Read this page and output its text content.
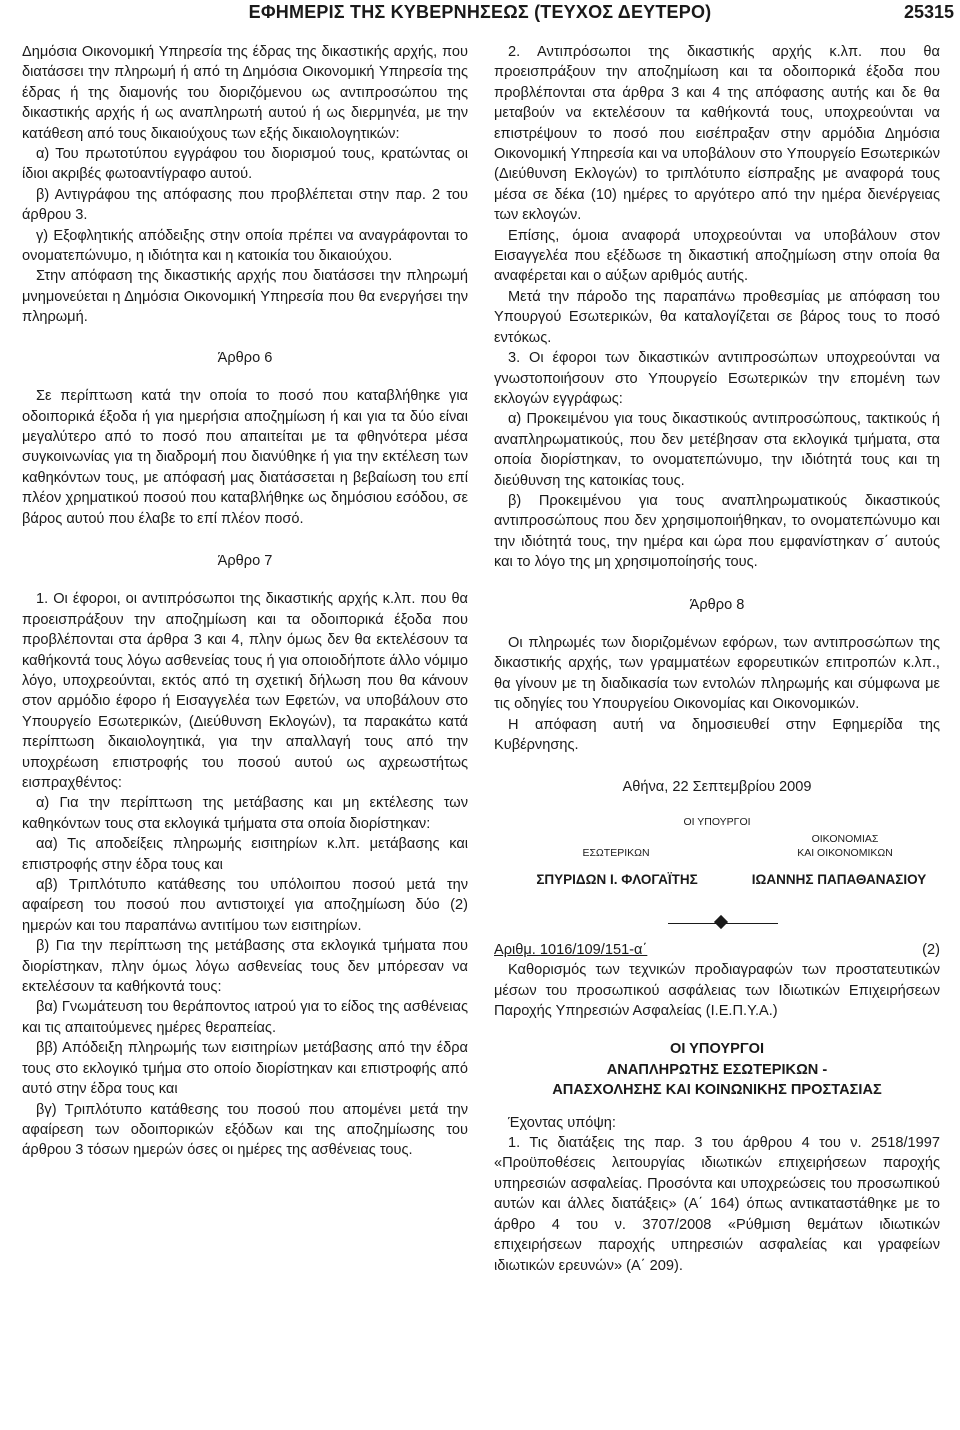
ΕΦΗΜΕΡΙΣ ΤΗΣ ΚΥΒΕΡΝΗΣΕΩΣ (ΤΕΥΧΟΣ ΔΕΥΤΕΡΟ)	25315

Δημόσια Οικονομική Υπηρεσία της έδρας της δικαστικής αρχής, που διατάσσει την πληρωμή ή από τη Δημόσια Οικονομική Υπηρεσία της έδρας ή της διαμονής του διοριζόμενου ως αντιπροσώπου της δικαστικής αρχής ή ως αναπληρωτή αυτού ή ως διερμηνέα, με την κατάθεση από τους δικαιούχους των εξής δικαιολογητικών:

α) Του πρωτοτύπου εγγράφου του διορισμού τους, κρατώντας οι ίδιοι ακριβές φωτοαντίγραφο αυτού.

β) Αντιγράφου της απόφασης που προβλέπεται στην παρ. 2 του άρθρου 3.

γ) Εξοφλητικής απόδειξης στην οποία πρέπει να αναγράφονται το ονοματεπώνυμο, η ιδιότητα και η κατοικία του δικαιούχου.

Στην απόφαση της δικαστικής αρχής που διατάσσει την πληρωμή μνημονεύεται η Δημόσια Οικονομική Υπηρεσία που θα ενεργήσει την πληρωμή.

Άρθρο 6

Σε περίπτωση κατά την οποία το ποσό που καταβλήθηκε για οδοιπορικά έξοδα ή για ημερήσια αποζημίωση ή και για τα δύο είναι μεγαλύτερο από το ποσό που απαιτείται με τα φθηνότερα μέσα συγκοινωνίας για τη διαδρομή που διανύθηκε ή για την εκτέλεση των καθηκόντων τους, με απόφασή μας διατάσσεται η βεβαίωση του επί πλέον χρηματικού ποσού που καταβλήθηκε ως δημόσιου εσόδου, σε βάρος αυτού που έλαβε το επί πλέον ποσό.

Άρθρο 7

1. Οι έφοροι, οι αντιπρόσωποι της δικαστικής αρχής κ.λπ. που θα προεισπράξουν την αποζημίωση και τα οδοιπορικά έξοδα που προβλέπονται στα άρθρα 3 και 4, πλην όμως δεν θα εκτελέσουν τα καθήκοντά τους λόγω ασθενείας τους ή για οποιοδήποτε άλλο νόμιμο λόγο, υποχρεούνται, εκτός από τη σχετική δήλωση που θα κάνουν στον αρμόδιο έφορο ή Εισαγγελέα των Εφετών, να υποβάλουν στο Υπουργείο Εσωτερικών, (Διεύθυνση Εκλογών), τα παρακάτω κατά περίπτωση δικαιολογητικά, για την απαλλαγή τους από την υποχρέωση επιστροφής του ποσού αυτού ως αχρεωστήτως εισπραχθέντος:

α) Για την περίπτωση της μετάβασης και μη εκτέλεσης των καθηκόντων τους στα εκλογικά τμήματα στα οποία διορίστηκαν:

αα) Τις αποδείξεις πληρωμής εισιτηρίων κ.λπ. μετάβασης και επιστροφής στην έδρα τους και

αβ) Τριπλότυπο κατάθεσης του υπόλοιπου ποσού μετά την αφαίρεση του ποσού που αντιστοιχεί για αποζημίωση δύο (2) ημερών και του παραπάνω αντιτίμου των εισιτηρίων.

β) Για την περίπτωση της μετάβασης στα εκλογικά τμήματα που διορίστηκαν, πλην όμως λόγω ασθενείας τους δεν μπόρεσαν να εκτελέσουν τα καθήκοντά τους:

βα) Γνωμάτευση του θεράποντος ιατρού για το είδος της ασθένειας και τις απαιτούμενες ημέρες θεραπείας.

ββ) Απόδειξη πληρωμής των εισιτηρίων μετάβασης από την έδρα τους στο εκλογικό τμήμα στο οποίο διορίστηκαν και επιστροφής από αυτό στην έδρα τους και

βγ) Τριπλότυπο κατάθεσης του ποσού που απομένει μετά την αφαίρεση των οδοιπορικών εξόδων και της αποζημίωσης του άρθρου 3 τόσων ημερών όσες οι ημέρες της ασθένειας τους.

2. Αντιπρόσωποι της δικαστικής αρχής κ.λπ. που θα προεισπράξουν την αποζημίωση και τα οδοιπορικά έξοδα που προβλέπονται στα άρθρα 3 και 4 της απόφασης αυτής και δε θα μεταβούν να εκτελέσουν τα καθήκοντά τους, υποχρεούνται να επιστρέψουν το ποσό που εισέπραξαν στην αρμόδια Δημόσια Οικονομική Υπηρεσία και να υποβάλουν στο Υπουργείο Εσωτερικών (Διεύθυνση Εκλογών) το τριπλότυπο είσπραξης με αναφορά τους μέσα σε δέκα (10) ημέρες το αργότερο από την ημέρα διενέργειας των εκλογών.

Επίσης, όμοια αναφορά υποχρεούνται να υποβάλουν στον Εισαγγελέα που εξέδωσε τη δικαστική αποζημίωση στην οποία θα αναφέρεται και ο αύξων αριθμός αυτής.

Μετά την πάροδο της παραπάνω προθεσμίας με απόφαση του Υπουργού Εσωτερικών, θα καταλογίζεται σε βάρος τους το ποσό εντόκως.

3. Οι έφοροι των δικαστικών αντιπροσώπων υποχρεούνται να γνωστοποιήσουν στο Υπουργείο Εσωτερικών την επομένη των εκλογών εγγράφως:

α) Προκειμένου για τους δικαστικούς αντιπροσώπους, τακτικούς ή αναπληρωματικούς, που δεν μετέβησαν στα εκλογικά τμήματα, στα οποία διορίστηκαν, το ονοματεπώνυμο, την ιδιότητά τους και τη διεύθυνση της κατοικίας τους.

β) Προκειμένου για τους αναπληρωματικούς δικαστικούς αντιπροσώπους που δεν χρησιμοποιήθηκαν, το ονοματεπώνυμο και την ιδιότητά τους, την ημέρα και ώρα που εμφανίστηκαν σ΄ αυτούς και το λόγο της μη χρησιμοποίησής τους.

Άρθρο 8

Οι πληρωμές των διοριζομένων εφόρων, των αντιπροσώπων της δικαστικής αρχής, των γραμματέων εφορευτικών επιτροπών κ.λπ., θα γίνουν με τη διαδικασία των εντολών πληρωμής και σύμφωνα με τις οδηγίες του Υπουργείου Οικονομίας και Οικονομικών.

Η απόφαση αυτή να δημοσιευθεί στην Εφημερίδα της Κυβέρνησης.

Αθήνα, 22 Σεπτεμβρίου 2009

ΟΙ ΥΠΟΥΡΓΟΙ
ΕΣΩΤΕΡΙΚΩΝ
ΟΙΚΟΝΟΜΙΑΣ
ΚΑΙ ΟΙΚΟΝΟΜΙΚΩΝ
ΣΠΥΡΙΔΩΝ Ι. ΦΛΟΓΑΪΤΗΣ	ΙΩΑΝΝΗΣ ΠΑΠΑΘΑΝΑΣΙΟΥ
Αριθμ. 1016/109/151-α΄	(2)

Καθορισμός των τεχνικών προδιαγραφών των προστατευτικών μέσων του προσωπικού ασφάλειας των Ιδιωτικών Επιχειρήσεων Παροχής Υπηρεσιών Ασφαλείας (Ι.Ε.Π.Υ.Α.)

ΟΙ ΥΠΟΥΡΓΟΙ

ΑΝΑΠΛΗΡΩΤΗΣ ΕΣΩΤΕΡΙΚΩΝ -

ΑΠΑΣΧΟΛΗΣΗΣ ΚΑΙ ΚΟΙΝΩΝΙΚΗΣ ΠΡΟΣΤΑΣΙΑΣ

Έχοντας υπόψη:

1. Τις διατάξεις της παρ. 3 του άρθρου 4 του ν. 2518/1997 «Προϋποθέσεις λειτουργίας ιδιωτικών επιχειρήσεων παροχής υπηρεσιών ασφαλείας. Προσόντα και υποχρεώσεις του προσωπικού αυτών και άλλες διατάξεις» (Α΄ 164) όπως αντικαταστάθηκε με το άρθρο 4 του ν. 3707/2008 «Ρύθμιση θεμάτων ιδιωτικών επιχειρήσεων παροχής υπηρεσιών ασφαλείας και γραφείων ιδιωτικών ερευνών» (Α΄ 209).
